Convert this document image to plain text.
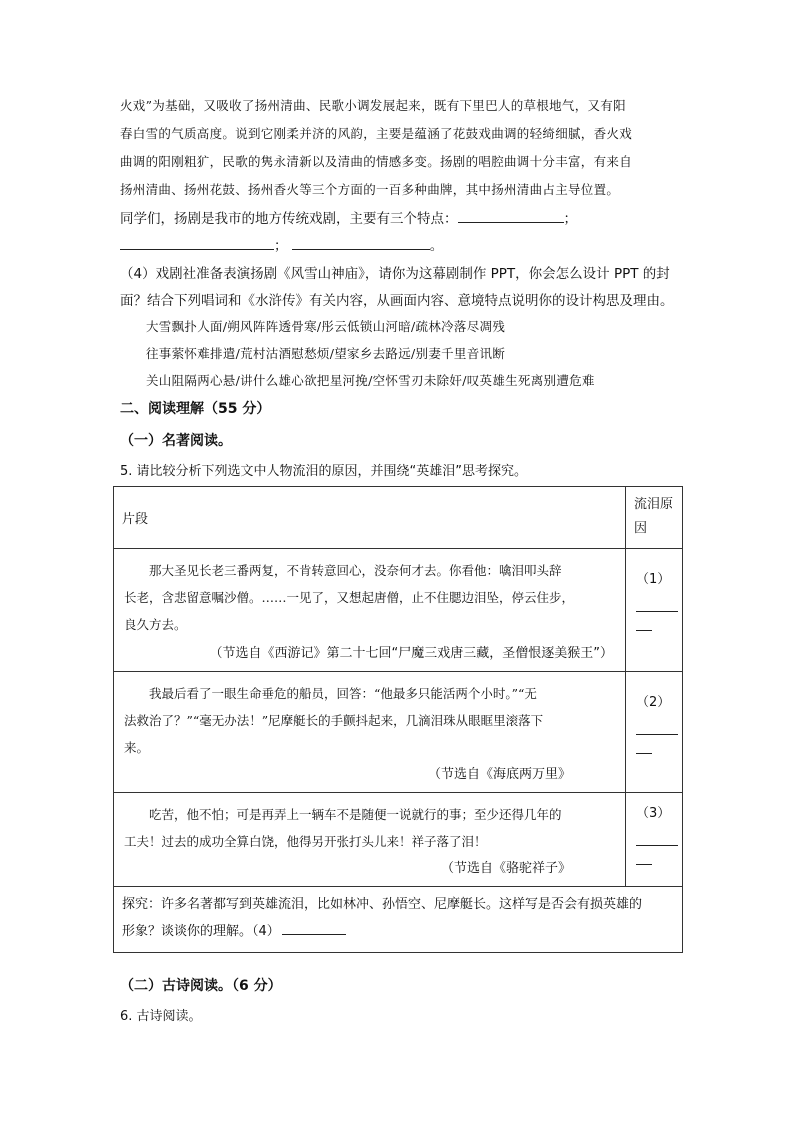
火戏”为基础，又吸收了扬州清曲、民歌小调发展起来，既有下里巴人的草根地气，又有阳
春白雪的气质高度。说到它刚柔并济的风韵，主要是蕴涵了花鼓戏曲调的轻绮细腻，香火戏
曲调的阳刚粗犷，民歌的隽永清新以及清曲的情感多变。扬剧的唱腔曲调十分丰富，有来自
扬州清曲、扬州花鼓、扬州香火等三个方面的一百多种曲牌，其中扬州清曲占主导位置。
同学们，扬剧是我市的地方传统戏剧，主要有三个特点：	；
；	。
（4）戏剧社准备表演扬剧《风雪山神庙》，请你为这幕剧制作 PPT，你会怎么设计 PPT 的封
面？结合下列唱词和《水浒传》有关内容，从画面内容、意境特点说明你的设计构思及理由。
大雪飘扑人面/朔风阵阵透骨寒/彤云低锁山河暗/疏林冷落尽凋残
往事萦怀难排遣/荒村沽酒慰愁烦/望家乡去路远/别妻千里音讯断
关山阻隔两心悬/讲什么雄心欲把星河挽/空怀雪刃未除奸/叹英雄生死离别遭危难
二、阅读理解（55 分）
（一）名著阅读。
5. 请比较分析下列选文中人物流泪的原因，并围绕“英雄泪”思考探究。
片段	流泪原
因

那大圣见长老三番两复，不肯转意回心，没奈何才去。你看他：噙泪叩头辞
长老，含悲留意嘱沙僧。……一见了，又想起唐僧，止不住腮边泪坠，停云住步，
良久方去。
（节选自《西游记》第二十七回“尸魔三戏唐三藏，圣僧恨逐美猴王”）	（1）

我最后看了一眼生命垂危的船员，回答：“他最多只能活两个小时。”“无
法救治了？”“毫无办法！”尼摩艇长的手颤抖起来，几滴泪珠从眼眶里滚落下
来。
（节选自《海底两万里》	（2）

吃苦，他不怕；可是再弄上一辆车不是随便一说就行的事；至少还得几年的
工夫！过去的成功全算白饶，他得另开张打头儿来！祥子落了泪！
（节选自《骆驼祥子》	（3）

探究：许多名著都写到英雄流泪，比如林冲、孙悟空、尼摩艇长。这样写是否会有损英雄的
形象？谈谈你的理解。（4）	
（二）古诗阅读。（6 分）
6. 古诗阅读。
